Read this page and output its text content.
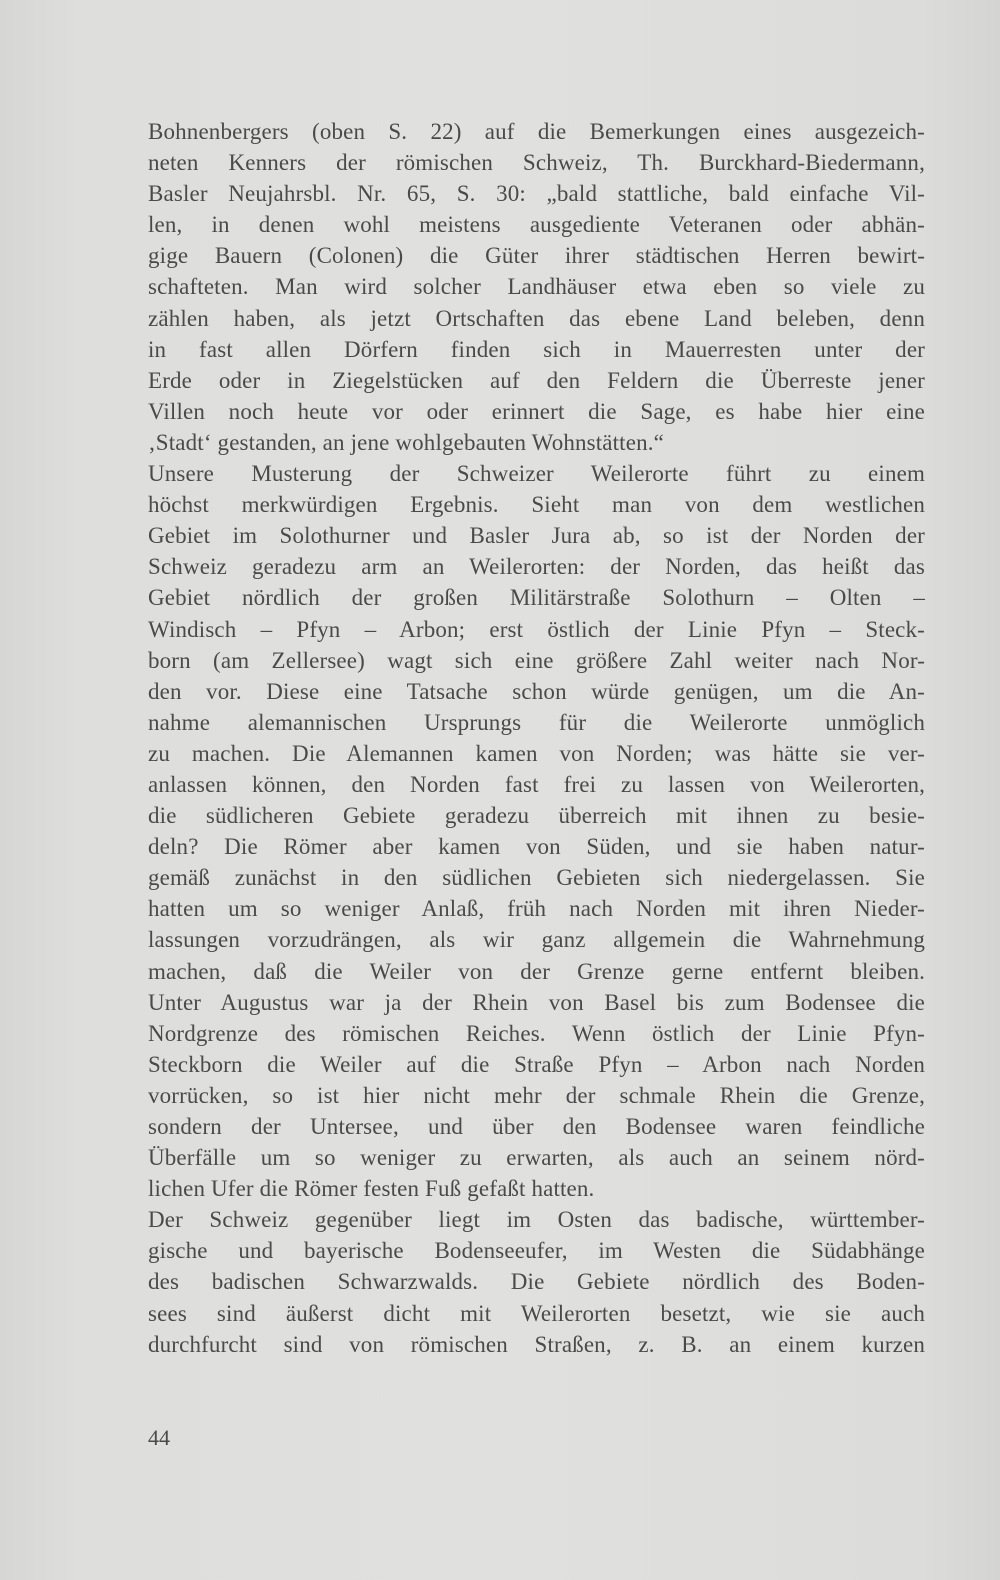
Bohnenbergers (oben S. 22) auf die Bemerkungen eines ausgezeich-
neten Kenners der römischen Schweiz, Th. Burckhard-Biedermann,
Basler Neujahrsbl. Nr. 65, S. 30: „bald stattliche, bald einfache Vil-
len, in denen wohl meistens ausgediente Veteranen oder abhän-
gige Bauern (Colonen) die Güter ihrer städtischen Herren bewirt-
schafteten. Man wird solcher Landhäuser etwa eben so viele zu
zählen haben, als jetzt Ortschaften das ebene Land beleben, denn
in fast allen Dörfern finden sich in Mauerresten unter der
Erde oder in Ziegelstücken auf den Feldern die Überreste jener
Villen noch heute vor oder erinnert die Sage, es habe hier eine
‚Stadt‘ gestanden, an jene wohlgebauten Wohnstätten.“
Unsere Musterung der Schweizer Weilerorte führt zu einem
höchst merkwürdigen Ergebnis. Sieht man von dem westlichen
Gebiet im Solothurner und Basler Jura ab, so ist der Norden der
Schweiz geradezu arm an Weilerorten: der Norden, das heißt das
Gebiet nördlich der großen Militärstraße Solothurn – Olten –
Windisch – Pfyn – Arbon; erst östlich der Linie Pfyn – Steck-
born (am Zellersee) wagt sich eine größere Zahl weiter nach Nor-
den vor. Diese eine Tatsache schon würde genügen, um die An-
nahme alemannischen Ursprungs für die Weilerorte unmöglich
zu machen. Die Alemannen kamen von Norden; was hätte sie ver-
anlassen können, den Norden fast frei zu lassen von Weilerorten,
die südlicheren Gebiete geradezu überreich mit ihnen zu besie-
deln? Die Römer aber kamen von Süden, und sie haben natur-
gemäß zunächst in den südlichen Gebieten sich niedergelassen. Sie
hatten um so weniger Anlaß, früh nach Norden mit ihren Nieder-
lassungen vorzudrängen, als wir ganz allgemein die Wahrnehmung
machen, daß die Weiler von der Grenze gerne entfernt bleiben.
Unter Augustus war ja der Rhein von Basel bis zum Bodensee die
Nordgrenze des römischen Reiches. Wenn östlich der Linie Pfyn-
Steckborn die Weiler auf die Straße Pfyn – Arbon nach Norden
vorrücken, so ist hier nicht mehr der schmale Rhein die Grenze,
sondern der Untersee, und über den Bodensee waren feindliche
Überfälle um so weniger zu erwarten, als auch an seinem nörd-
lichen Ufer die Römer festen Fuß gefaßt hatten.
Der Schweiz gegenüber liegt im Osten das badische, württember-
gische und bayerische Bodenseeufer, im Westen die Südabhänge
des badischen Schwarzwalds. Die Gebiete nördlich des Boden-
sees sind äußerst dicht mit Weilerorten besetzt, wie sie auch
durchfurcht sind von römischen Straßen, z. B. an einem kurzen
44
